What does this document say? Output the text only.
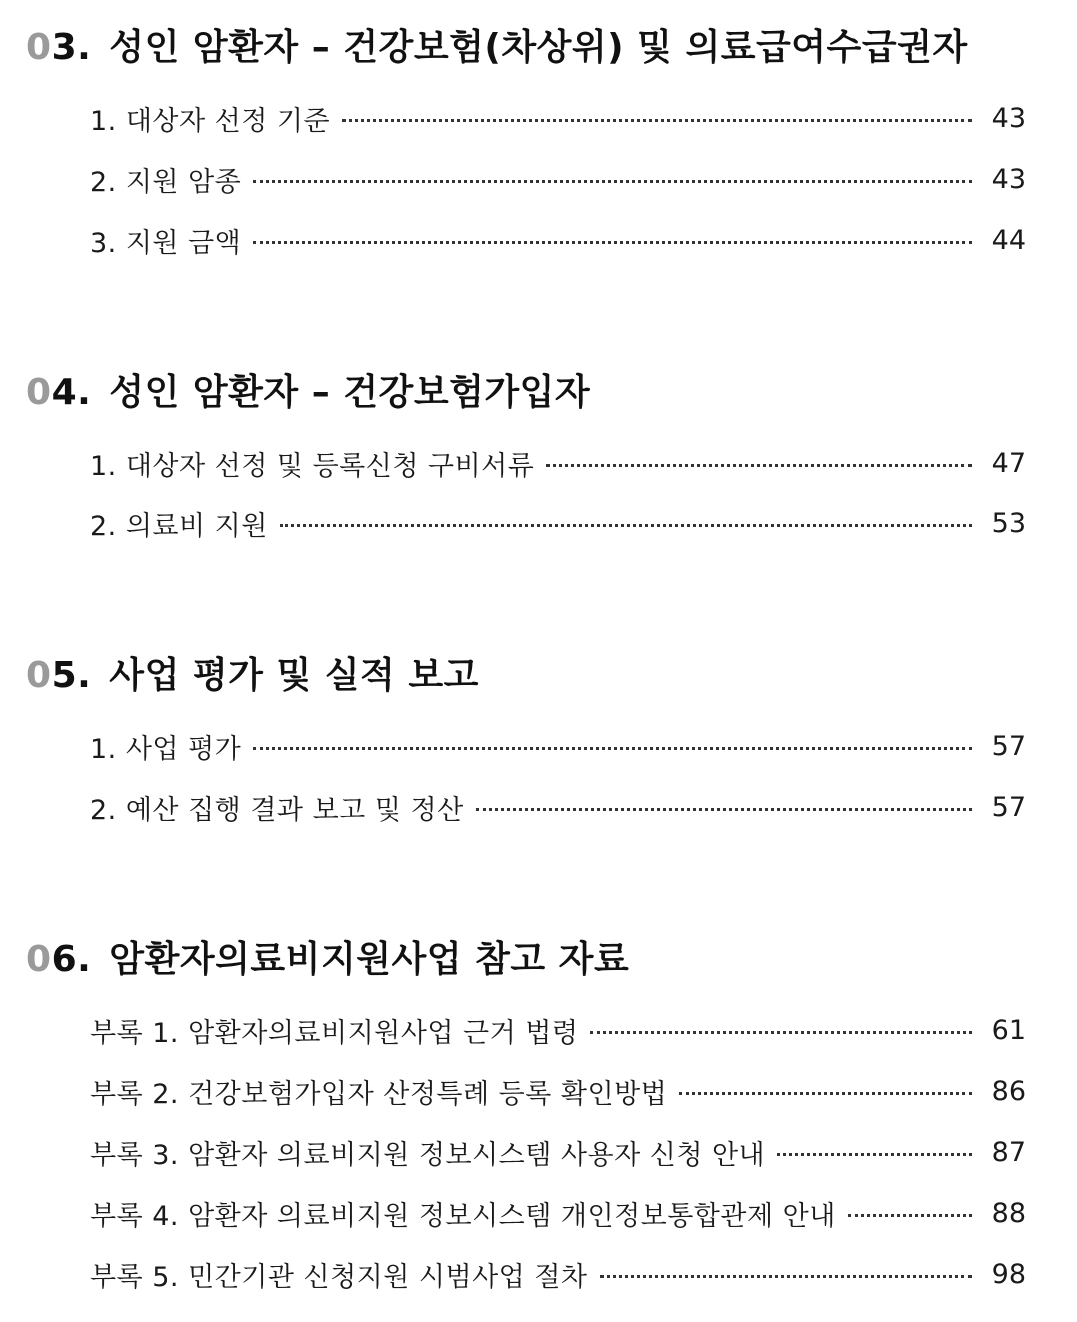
03. 성인 암환자 – 건강보험(차상위) 및 의료급여수급권자
1. 대상자 선정 기준	43
2. 지원 암종	43
3. 지원 금액	44
04. 성인 암환자 – 건강보험가입자
1. 대상자 선정 및 등록신청 구비서류	47
2. 의료비 지원	53
05. 사업 평가 및 실적 보고
1. 사업 평가	57
2. 예산 집행 결과 보고 및 정산	57
06. 암환자의료비지원사업 참고 자료
부록 1. 암환자의료비지원사업 근거 법령	61
부록 2. 건강보험가입자 산정특례 등록 확인방법	86
부록 3. 암환자 의료비지원 정보시스템 사용자 신청 안내	87
부록 4. 암환자 의료비지원 정보시스템 개인정보통합관제 안내	88
부록 5. 민간기관 신청지원 시범사업 절차	98
